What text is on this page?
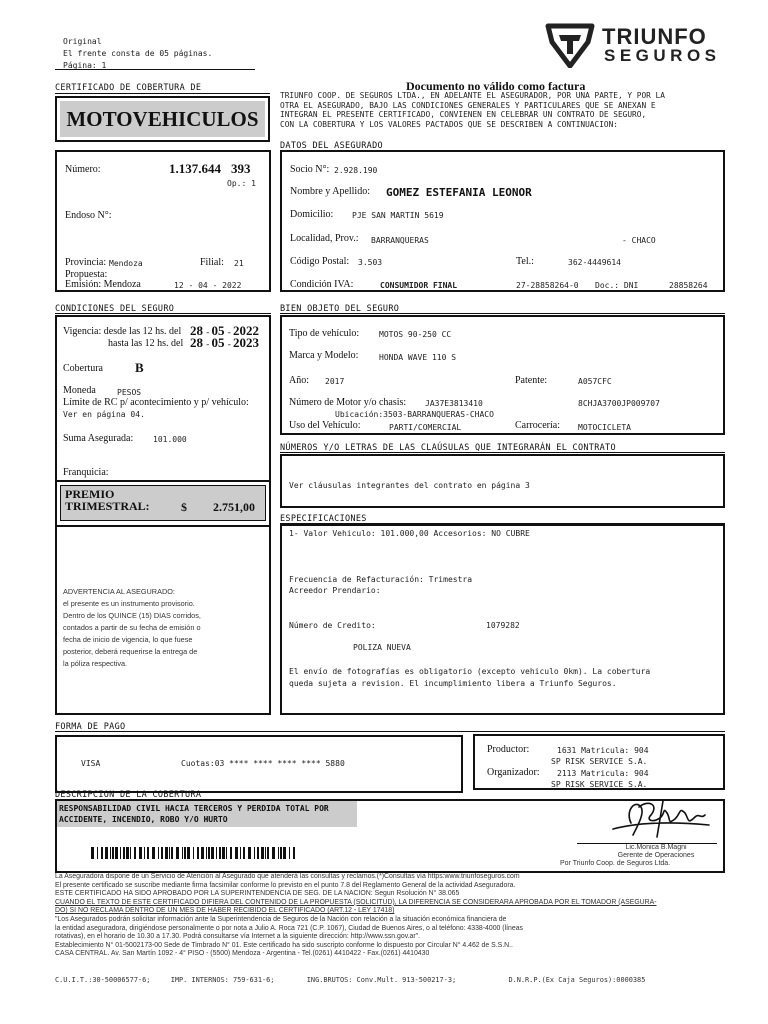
Original
El frente consta de 05 páginas.
Página: 1
TRIUNFO
SEGUROS
CERTIFICADO DE COBERTURA DE
MOTOVEHICULOS
Documento no válido como factura
TRIUNFO COOP. DE SEGUROS LTDA., EN ADELANTE EL ASEGURADOR, POR UNA PARTE, Y POR LA
OTRA EL ASEGURADO, BAJO LAS CONDICIONES GENERALES Y PARTICULARES QUE SE ANEXAN E
INTEGRAN EL PRESENTE CERTIFICADO, CONVIENEN EN CELEBRAR UN CONTRATO DE SEGURO,
CON LA COBERTURA Y LOS VALORES PACTADOS QUE SE DESCRIBEN A CONTINUACION:
DATOS DEL ASEGURADO
Número:	1.137.644 393
Op.: 1
Endoso N°:
Provincia: Mendoza	Filial: 21
Propuesta:
Emisión: Mendoza	12 - 04 - 2022
Socio N°: 2.928.190
Nombre y Apellido: GOMEZ ESTEFANIA LEONOR
Domicilio: PJE SAN MARTIN 5619
Localidad, Prov.: BARRANQUERAS	- CHACO
Código Postal: 3.503	Tel.:	362-4449614
Condición IVA:	CONSUMIDOR FINAL	27-28858264-0 Doc.: DNI	28858264
CONDICIONES DEL SEGURO	BIEN OBJETO DEL SEGURO
Vigencia: desde las 12 hs. del 28 - 05 - 2022
hasta las 12 hs. del 28 - 05 - 2023
Cobertura B
Moneda	PESOS
Límite de RC p/ acontecimiento y p/ vehículo:
Ver en página 04.
Suma Asegurada: 101.000
Franquicia:
PREMIO
TRIMESTRAL:	$ 2.751,00
ADVERTENCIA AL ASEGURADO:
el presente es un instrumento provisorio.
Dentro de los QUINCE (15) DIAS corridos,
contados a partir de su fecha de emisión o
fecha de inicio de vigencia, lo que fuese
posterior, deberá requerirse la entrega de
la póliza respectiva.
Tipo de vehículo: MOTOS 90-250 CC
Marca y Modelo:	HONDA WAVE 110 S
Año: 2017	Patente:	A057CFC
Número de Motor y/o chasis: JA37E3813410	8CHJA3700JP009707
Ubicación:3503-BARRANQUERAS-CHACO
Uso del Vehículo:	PARTI/COMERCIAL	Carrocería: MOTOCICLETA
NÚMEROS Y/O LETRAS DE LAS CLAÚSULAS QUE INTEGRARÁN EL CONTRATO
Ver cláusulas integrantes del contrato en página 3
ESPECIFICACIONES
1- Valor Vehiculo: 101.000,00 Accesorios: NO CUBRE
Frecuencia de Refacturación: Trimestra
Acreedor Prendario:
Número de Credito:	1079282
POLIZA NUEVA
El envío de fotografías es obligatorio (excepto vehiculo 0km). La cobertura
queda sujeta a revision. El incumplimiento libera a Triunfo Seguros.
FORMA DE PAGO
VISA	Cuotas:03 **** **** **** **** 5880
Productor:	1631 Matricula: 904
SP RISK SERVICE S.A.
Organizador: 2113 Matricula: 904
SP RISK SERVICE S.A.
DESCRIPCION DE LA COBERTURA
RESPONSABILIDAD CIVIL HACIA TERCEROS Y PERDIDA TOTAL POR
ACCIDENTE, INCENDIO, ROBO Y/O HURTO
Lic.Monica B.Magni
Gerente de Operaciones
Por Triunfo Coop. de Seguros Ltda.
La Aseguradora dispone de un Servicio de Atención al Asegurado que atenderá las consultas y reclamos.(*)Consultas vía https:www.triunfoseguros.com
El presente certificado se suscribe mediante firma facsimilar conforme lo previsto en el punto 7.8 del Reglamento General de la actividad Aseguradora.
ESTE CERTIFICADO HA SIDO APROBADO POR LA SUPERINTENDENCIA DE SEG. DE LA NACION: Segun Rsolución N° 38.065
CUANDO EL TEXTO DE ESTE CERTIFICADO DIFIERA DEL CONTENIDO DE LA PROPUESTA (SOLICITUD), LA DIFERENCIA SE CONSIDERARA APROBADA POR EL TOMADOR (ASEGURA-
DO) SI NO RECLAMA DENTRO DE UN MES DE HABER RECIBIDO EL CERTIFICADO (ART.12 - LEY 17418)
"Los Asegurados podrán solicitar información ante la Superintendencia de Seguros de la Nación con relación a la situación económica financiera de
la entidad aseguradora, dirigiéndose personalmente o por nota a Julio A. Roca 721 (C.P. 1067), Ciudad de Buenos Aires, o al teléfono: 4338-4000 (líneas
rotativas), en el horario de 10.30 a 17.30. Podrá consultarse vía Internet a la siguiente dirección: http://www.ssn.gov.ar".
Establecimiento N° 01-5002173-00 Sede de Timbrado N° 01. Este certificado ha sido suscripto conforme lo dispuesto por Circular N° 4.462 de S.S.N..
CASA CENTRAL. Av. San Martín 1092 - 4° PISO - (5500) Mendoza - Argentina - Tel.(0261) 4410422 - Fax.(0261) 4410430
C.U.I.T.:30-50006577-6;	IMP. INTERNOS: 759-631-6;	ING.BRUTOS: Conv.Mult. 913-500217-3;	D.N.R.P.(Ex Caja Seguros):0000385
